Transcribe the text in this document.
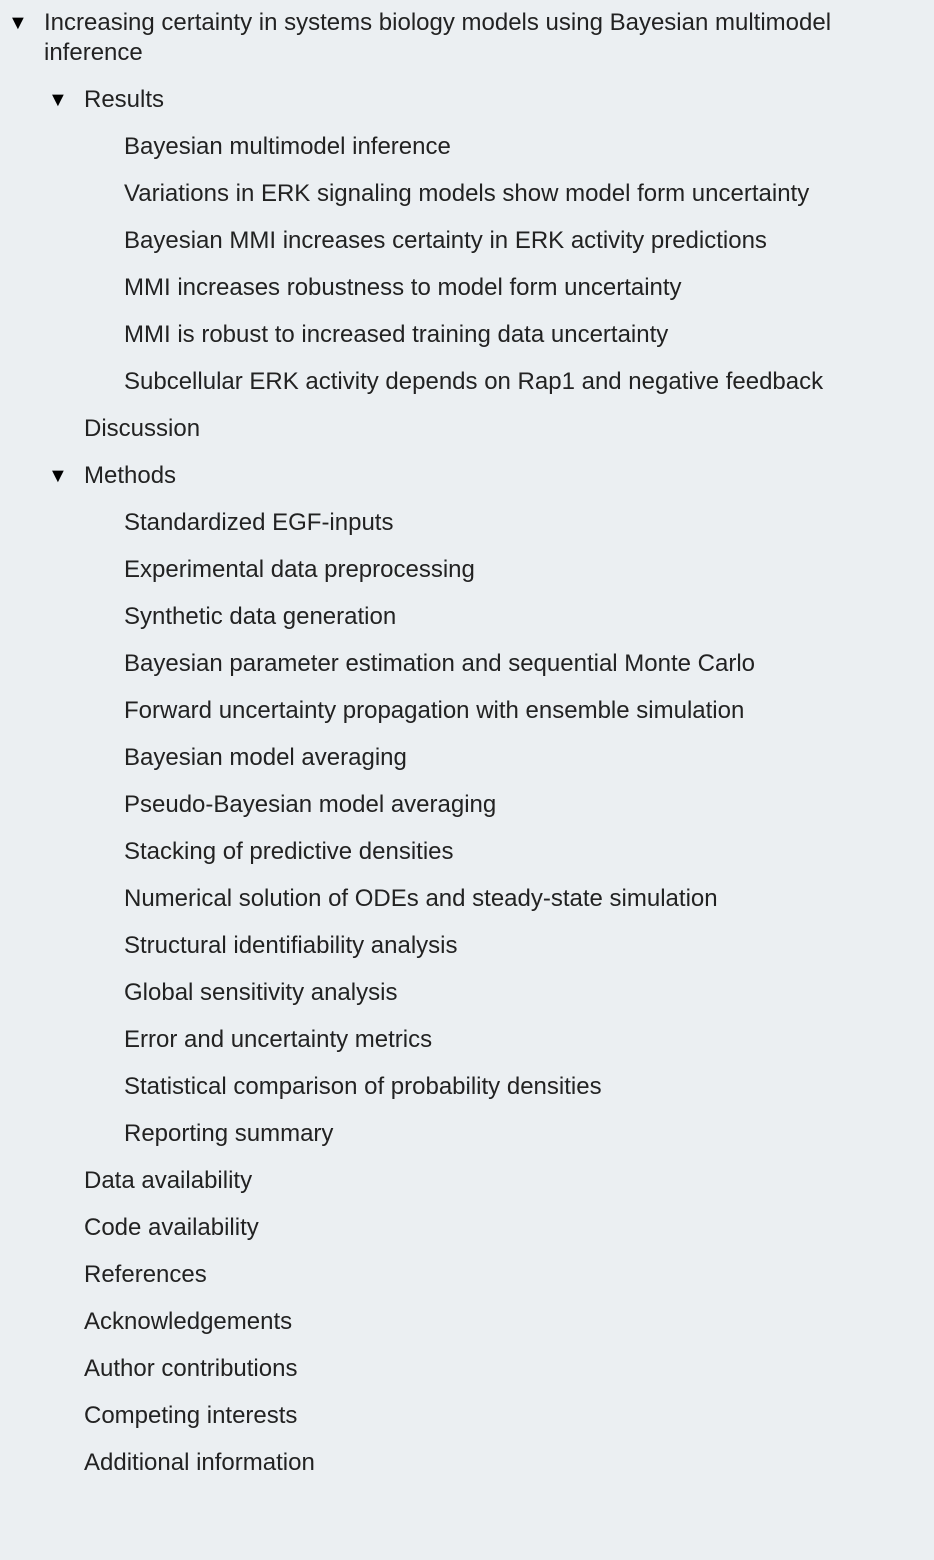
▼ Increasing certainty in systems biology models using Bayesian multimodel inference
▼ Results
Bayesian multimodel inference
Variations in ERK signaling models show model form uncertainty
Bayesian MMI increases certainty in ERK activity predictions
MMI increases robustness to model form uncertainty
MMI is robust to increased training data uncertainty
Subcellular ERK activity depends on Rap1 and negative feedback
Discussion
▼ Methods
Standardized EGF-inputs
Experimental data preprocessing
Synthetic data generation
Bayesian parameter estimation and sequential Monte Carlo
Forward uncertainty propagation with ensemble simulation
Bayesian model averaging
Pseudo-Bayesian model averaging
Stacking of predictive densities
Numerical solution of ODEs and steady-state simulation
Structural identifiability analysis
Global sensitivity analysis
Error and uncertainty metrics
Statistical comparison of probability densities
Reporting summary
Data availability
Code availability
References
Acknowledgements
Author contributions
Competing interests
Additional information
